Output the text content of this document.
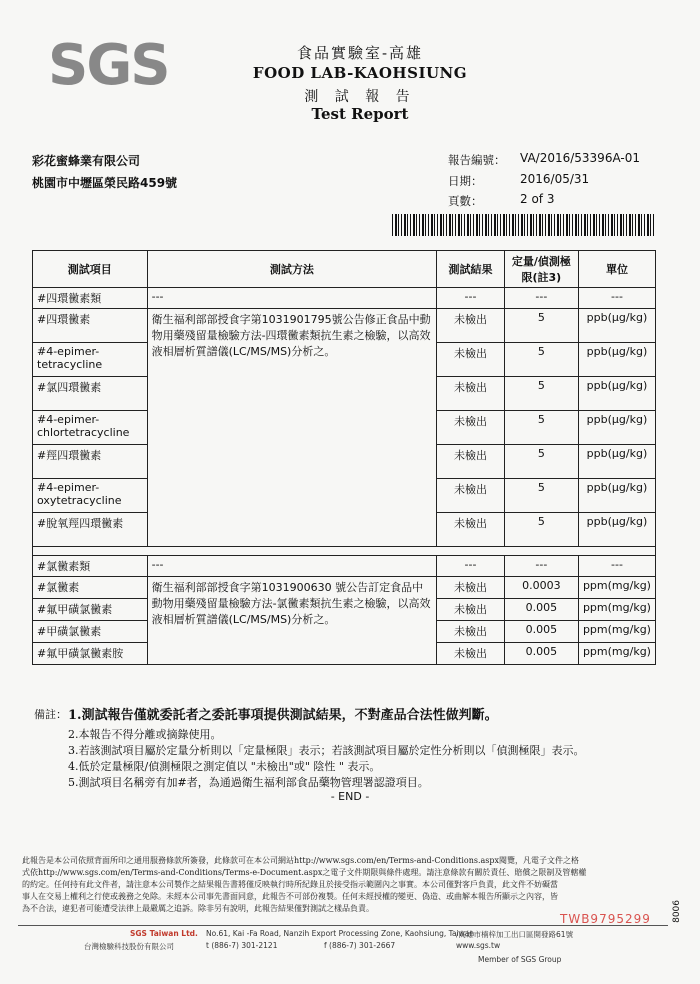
SGS	食品實驗室-高雄
FOOD LAB-KAOHSIUNG
測 試 報 告
Test Report
彩花蜜蜂業有限公司
桃園市中壢區榮民路459號
報告編號： VA/2016/53396A-01
日期：	2016/05/31
頁數：	2 of 3
測試項目	測試方法	測試結果	定量/偵測極限(註3)	單位
#四環黴素類	---	---	---	---
#四環黴素	衛生福利部部授食字第1031901795號公告修正食品中動物用藥殘留量檢驗方法-四環黴素類抗生素之檢驗，以高效液相層析質譜儀(LC/MS/MS)分析之。	未檢出	5	ppb(μg/kg)
#4-epimer-tetracycline		未檢出	5	ppb(μg/kg)
#氯四環黴素		未檢出	5	ppb(μg/kg)
#4-epimer-chlortetracycline		未檢出	5	ppb(μg/kg)
#羥四環黴素		未檢出	5	ppb(μg/kg)
#4-epimer-oxytetracycline		未檢出	5	ppb(μg/kg)
#脫氧羥四環黴素		未檢出	5	ppb(μg/kg)

#氯黴素類	---	---	---	---
#氯黴素	衛生福利部部授食字第1031900630 號公告訂定食品中動物用藥殘留量檢驗方法-氯黴素類抗生素之檢驗，以高效液相層析質譜儀(LC/MS/MS)分析之。	未檢出	0.0003	ppm(mg/kg)
#氟甲磺氯黴素		未檢出	0.005	ppm(mg/kg)
#甲磺氯黴素		未檢出	0.005	ppm(mg/kg)
#氟甲磺氯黴素胺		未檢出	0.005	ppm(mg/kg)
備註： 1.測試報告僅就委託者之委託事項提供測試結果，不對產品合法性做判斷。
2.本報告不得分離或摘錄使用。
3.若該測試項目屬於定量分析則以「定量極限」表示；若該測試項目屬於定性分析則以「偵測極限」表示。
4.低於定量極限/偵測極限之測定值以 "未檢出"或" 陰性 " 表示。
5.測試項目名稱旁有加#者，為通過衛生福利部食品藥物管理署認證項目。
- END -
此報告是本公司依照背面所印之通用服務條款所簽發，此條款可在本公司網站http://www.sgs.com/en/Terms-and-Conditions.aspx閱覽，凡電子文件之格
式依http://www.sgs.com/en/Terms-and-Conditions/Terms-e-Document.aspx之電子文件期限與條件處理。請注意條款有關於責任、賠償之限制及管轄權
的約定。任何持有此文件者，請注意本公司製作之結果報告書將僅反映執行時所紀錄且於接受指示範圍內之事實。本公司僅對客戶負責，此文件不妨礙當
事人在交易上權利之行使或義務之免除。未經本公司事先書面同意，此報告不可部份複製。任何未經授權的變更、偽造、或曲解本報告所顯示之內容，皆
為不合法，違犯者可能遭受法律上最嚴厲之追訴。除非另有說明，此報告結果僅對測試之樣品負責。
TWB9795299
SGS Taiwan Ltd.
台灣檢驗科技股份有限公司
No.61, Kai -Fa Road, Nanzih Export Processing Zone, Kaohsiung, Taiwan
/高雄市楠梓加工出口區開發路61號
t (886-7) 301-2121	f (886-7) 301-2667	www.sgs.tw
Member of SGS Group
8006
